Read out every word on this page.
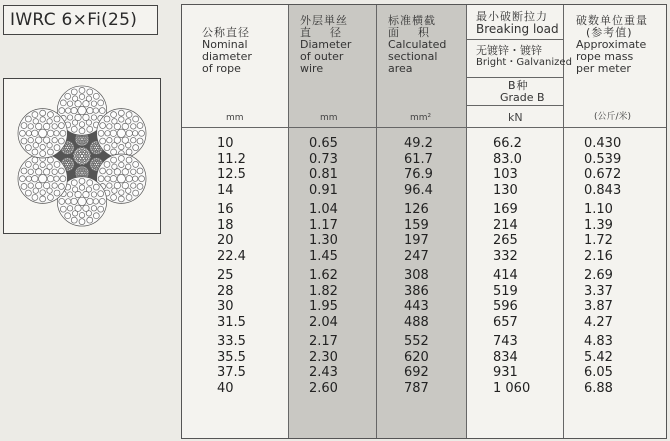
IWRC 6×Fi(25)
公称直径
Nominal
diameter
of rope
mm
外层単丝
直    径
Diameter
of outer
wire
mm
标准横截
面    积
Calculated
sectional
area
mm²
最小破断拉力
Breaking load
无镀锌・镀锌
Bright・Galvanized
B种
Grade B
kN
破数单位重量
(参考值)
Approximate
rope mass
per meter
(公斤/米)
10	0.65	49.2	66.2	0.430
11.2	0.73	61.7	83.0	0.539
12.5	0.81	76.9	103	0.672
14	0.91	96.4	130	0.843
16	1.04	126	169	1.10
18	1.17	159	214	1.39
20	1.30	197	265	1.72
22.4	1.45	247	332	2.16
25	1.62	308	414	2.69
28	1.82	386	519	3.37
30	1.95	443	596	3.87
31.5	2.04	488	657	4.27
33.5	2.17	552	743	4.83
35.5	2.30	620	834	5.42
37.5	2.43	692	931	6.05
40	2.60	787	1 060	6.88
